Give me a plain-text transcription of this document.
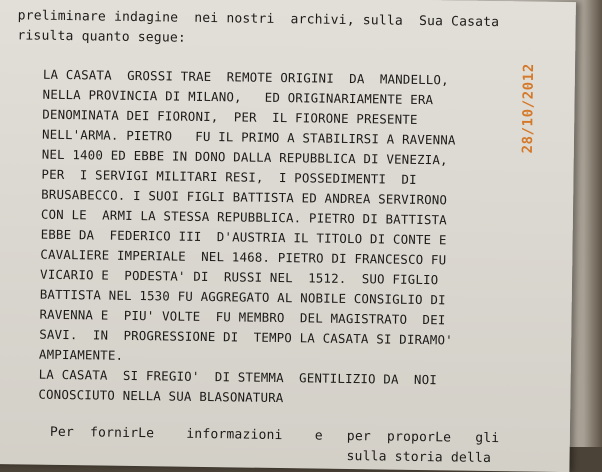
preliminare indagine  nei nostri  archivi, sulla  Sua Casata
risulta quanto segue:
LA CASATA  GROSSI TRAE  REMOTE ORIGINI  DA  MANDELLO,
NELLA PROVINCIA DI MILANO,   ED ORIGINARIAMENTE ERA
DENOMINATA DEI FIORONI,  PER  IL FIORONE PRESENTE
NELL'ARMA. PIETRO   FU IL PRIMO A STABILIRSI A RAVENNA
NEL 1400 ED EBBE IN DONO DALLA REPUBBLICA DI VENEZIA,
PER  I SERVIGI MILITARI RESI,  I POSSEDIMENTI  DI
BRUSABECCO. I SUOI FIGLI BATTISTA ED ANDREA SERVIRONO
CON LE  ARMI LA STESSA REPUBBLICA. PIETRO DI BATTISTA
EBBE DA  FEDERICO III  D'AUSTRIA IL TITOLO DI CONTE E
CAVALIERE IMPERIALE  NEL 1468. PIETRO DI FRANCESCO FU
VICARIO E  PODESTA' DI  RUSSI NEL  1512.  SUO FIGLIO
BATTISTA NEL 1530 FU AGGREGATO AL NOBILE CONSIGLIO DI
RAVENNA E  PIU' VOLTE  FU MEMBRO  DEL MAGISTRATO  DEI
SAVI.  IN  PROGRESSIONE DI  TEMPO LA CASATA SI DIRAMO'
AMPIAMENTE.
LA CASATA  SI FREGIO'  DI STEMMA  GENTILIZIO DA  NOI
CONOSCIUTO NELLA SUA BLASONATURA
Per  fornirLe    informazioni    e   per  proporLe   gli
sulla storia della
28/10/2012
